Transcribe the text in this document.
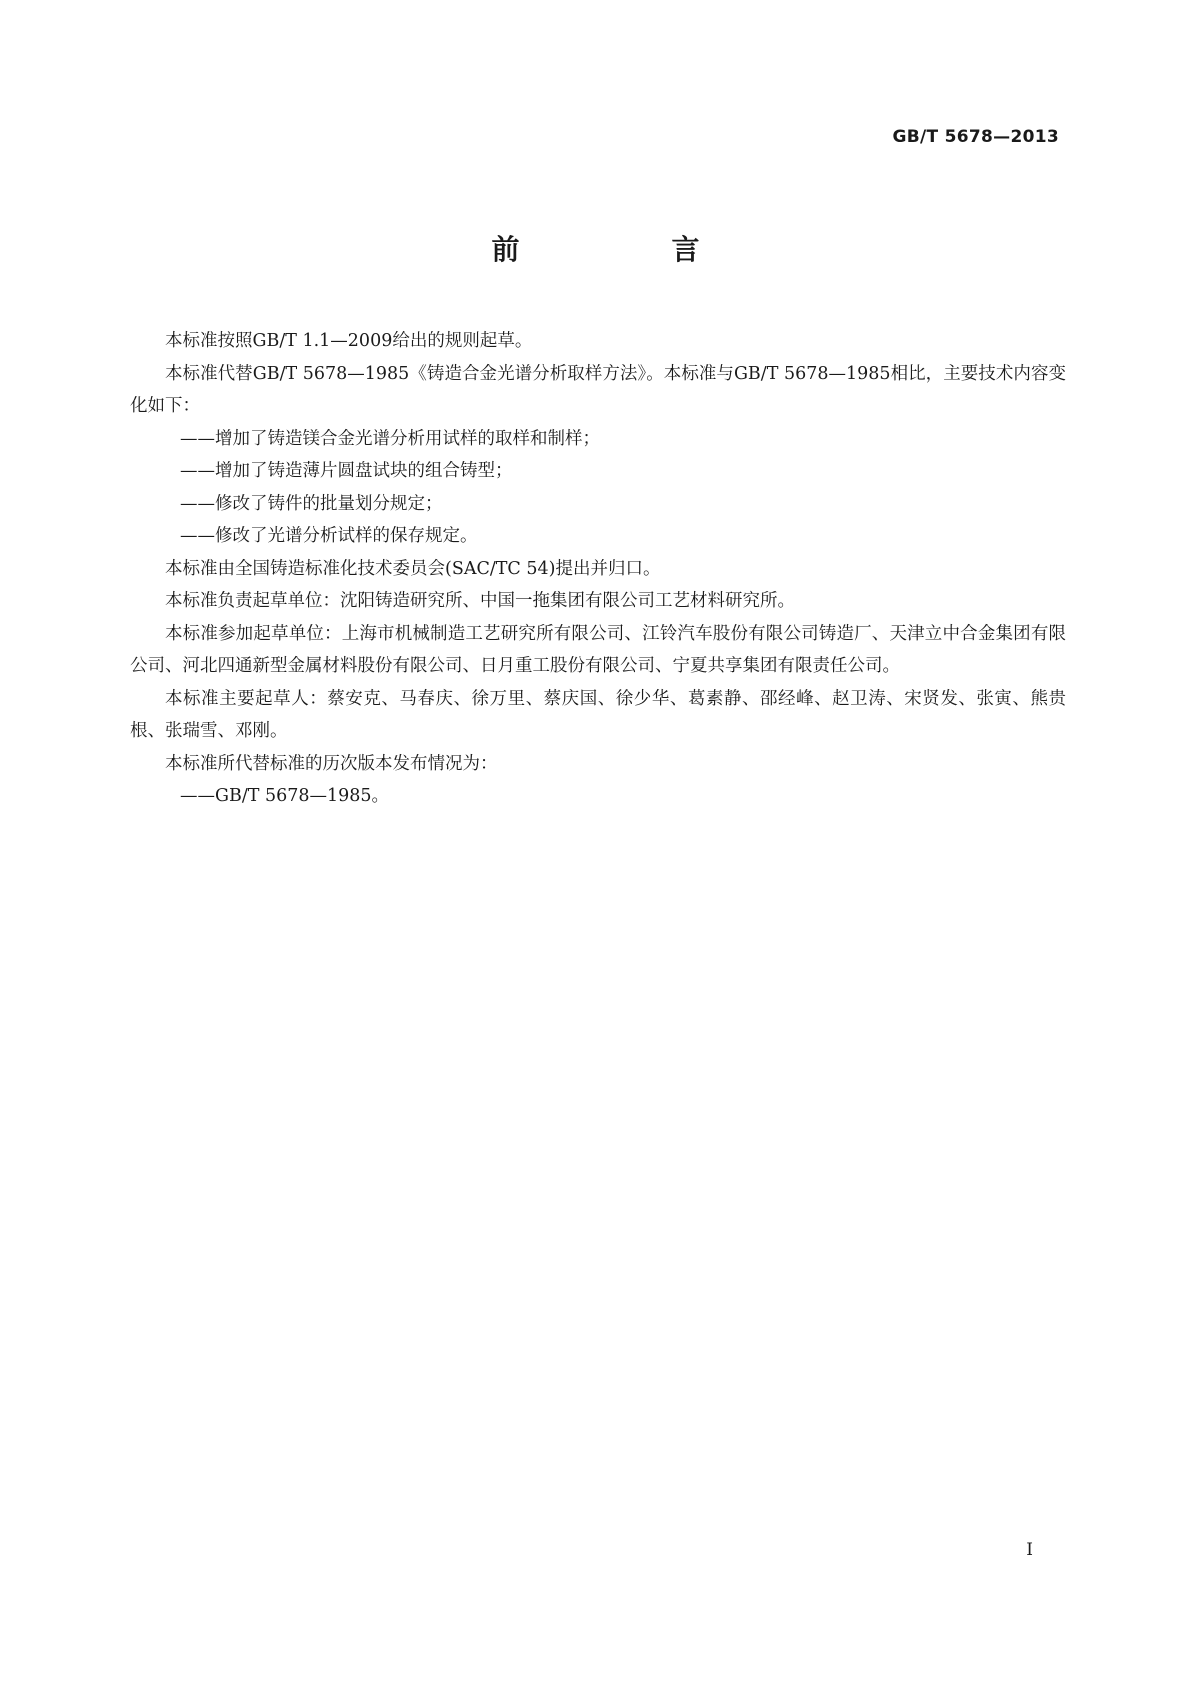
GB/T 5678—2013
前　言

本标准按照GB/T 1.1—2009给出的规则起草。

本标准代替GB/T 5678—1985《铸造合金光谱分析取样方法》。本标准与GB/T 5678—1985相比，主要技术内容变化如下：

——增加了铸造镁合金光谱分析用试样的取样和制样；

——增加了铸造薄片圆盘试块的组合铸型；

——修改了铸件的批量划分规定；

——修改了光谱分析试样的保存规定。

本标准由全国铸造标准化技术委员会(SAC/TC 54)提出并归口。

本标准负责起草单位：沈阳铸造研究所、中国一拖集团有限公司工艺材料研究所。

本标准参加起草单位：上海市机械制造工艺研究所有限公司、江铃汽车股份有限公司铸造厂、天津立中合金集团有限公司、河北四通新型金属材料股份有限公司、日月重工股份有限公司、宁夏共享集团有限责任公司。

本标准主要起草人：蔡安克、马春庆、徐万里、蔡庆国、徐少华、葛素静、邵经峰、赵卫涛、宋贤发、张寅、熊贵根、张瑞雪、邓刚。

本标准所代替标准的历次版本发布情况为：

——GB/T 5678—1985。

I
